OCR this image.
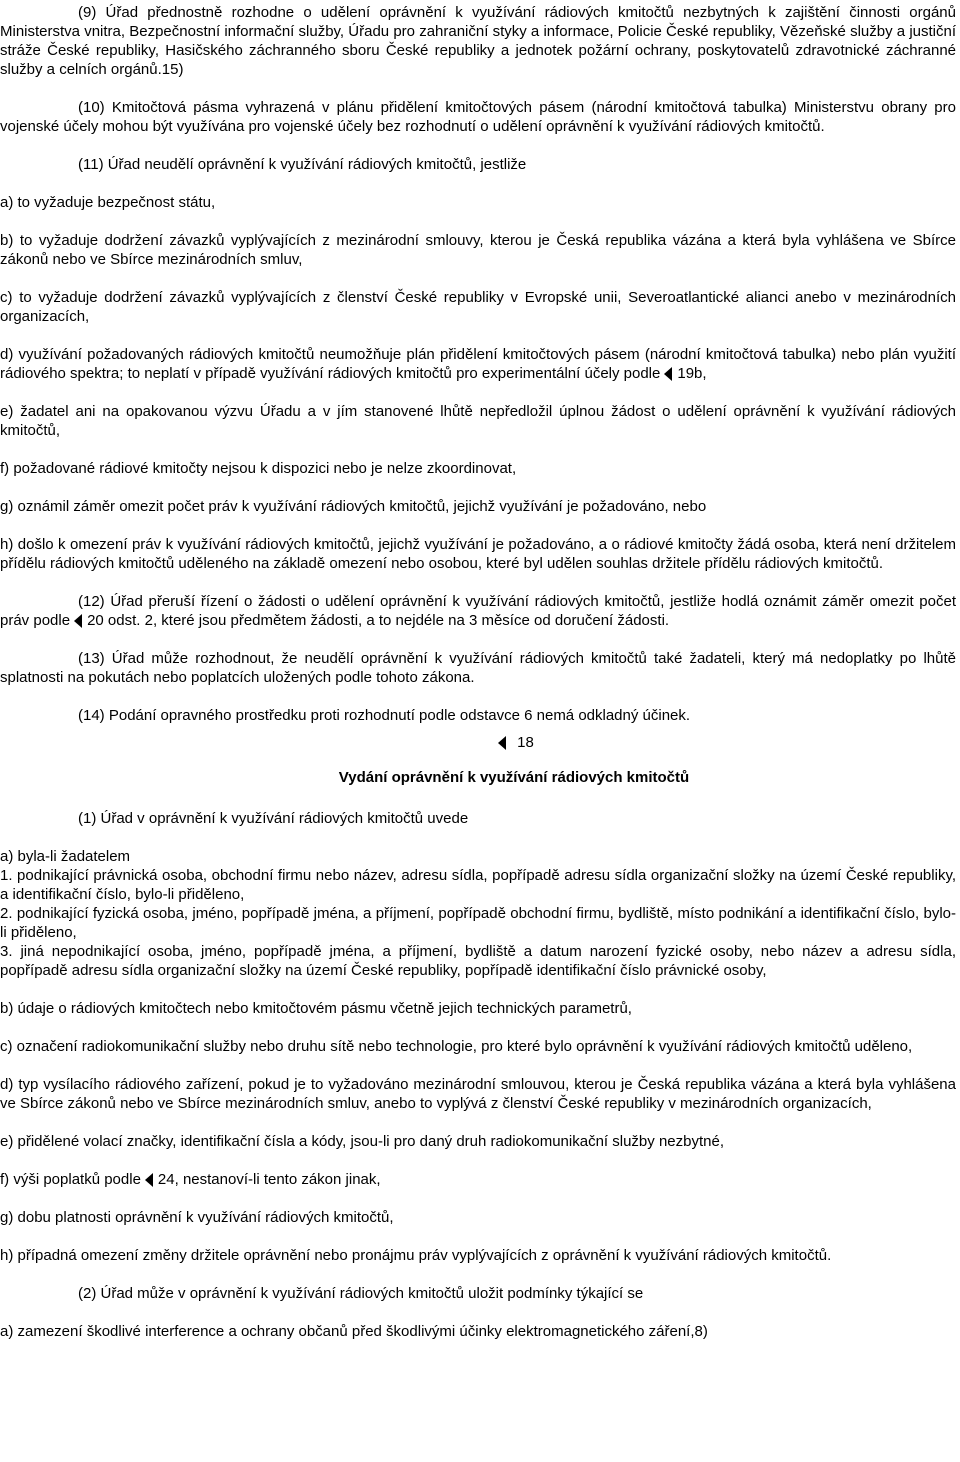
(9) Úřad přednostně rozhodne o udělení oprávnění k využívání rádiových kmitočtů nezbytných k zajištění činnosti orgánů Ministerstva vnitra, Bezpečnostní informační služby, Úřadu pro zahraniční styky a informace, Policie České republiky, Vězeňské služby a justiční stráže České republiky, Hasičského záchranného sboru České republiky a jednotek požární ochrany, poskytovatelů zdravotnické záchranné služby a celních orgánů.15)

(10) Kmitočtová pásma vyhrazená v plánu přidělení kmitočtových pásem (národní kmitočtová tabulka) Ministerstvu obrany pro vojenské účely mohou být využívána pro vojenské účely bez rozhodnutí o udělení oprávnění k využívání rádiových kmitočtů.

(11) Úřad neudělí oprávnění k využívání rádiových kmitočtů, jestliže

a) to vyžaduje bezpečnost státu,

b) to vyžaduje dodržení závazků vyplývajících z mezinárodní smlouvy, kterou je Česká republika vázána a která byla vyhlášena ve Sbírce zákonů nebo ve Sbírce mezinárodních smluv,

c) to vyžaduje dodržení závazků vyplývajících z členství České republiky v Evropské unii, Severoatlantické alianci anebo v mezinárodních organizacích,

d) využívání požadovaných rádiových kmitočtů neumožňuje plán přidělení kmitočtových pásem (národní kmitočtová tabulka) nebo plán využití rádiového spektra; to neplatí v případě využívání rádiových kmitočtů pro experimentální účely podle 19b,

e) žadatel ani na opakovanou výzvu Úřadu a v jím stanovené lhůtě nepředložil úplnou žádost o udělení oprávnění k využívání rádiových kmitočtů,

f) požadované rádiové kmitočty nejsou k dispozici nebo je nelze zkoordinovat,

g) oznámil záměr omezit počet práv k využívání rádiových kmitočtů, jejichž využívání je požadováno, nebo

h) došlo k omezení práv k využívání rádiových kmitočtů, jejichž využívání je požadováno, a o rádiové kmitočty žádá osoba, která není držitelem přídělu rádiových kmitočtů uděleného na základě omezení nebo osobou, které byl udělen souhlas držitele přídělu rádiových kmitočtů.

(12) Úřad přeruší řízení o žádosti o udělení oprávnění k využívání rádiových kmitočtů, jestliže hodlá oznámit záměr omezit počet práv podle 20 odst. 2, které jsou předmětem žádosti, a to nejdéle na 3 měsíce od doručení žádosti.

(13) Úřad může rozhodnout, že neudělí oprávnění k využívání rádiových kmitočtů také žadateli, který má nedoplatky po lhůtě splatnosti na pokutách nebo poplatcích uložených podle tohoto zákona.

(14) Podání opravného prostředku proti rozhodnutí podle odstavce 6 nemá odkladný účinek.

18

Vydání oprávnění k využívání rádiových kmitočtů

(1) Úřad v oprávnění k využívání rádiových kmitočtů uvede

a) byla-li žadatelem

1. podnikající právnická osoba, obchodní firmu nebo název, adresu sídla, popřípadě adresu sídla organizační složky na území České republiky, a identifikační číslo, bylo-li přiděleno,

2. podnikající fyzická osoba, jméno, popřípadě jména, a příjmení, popřípadě obchodní firmu, bydliště, místo podnikání a identifikační číslo, bylo-li přiděleno,

3. jiná nepodnikající osoba, jméno, popřípadě jména, a příjmení, bydliště a datum narození fyzické osoby, nebo název a adresu sídla, popřípadě adresu sídla organizační složky na území České republiky, popřípadě identifikační číslo právnické osoby,

b) údaje o rádiových kmitočtech nebo kmitočtovém pásmu včetně jejich technických parametrů,

c) označení radiokomunikační služby nebo druhu sítě nebo technologie, pro které bylo oprávnění k využívání rádiových kmitočtů uděleno,

d) typ vysílacího rádiového zařízení, pokud je to vyžadováno mezinárodní smlouvou, kterou je Česká republika vázána a která byla vyhlášena ve Sbírce zákonů nebo ve Sbírce mezinárodních smluv, anebo to vyplývá z členství České republiky v mezinárodních organizacích,

e) přidělené volací značky, identifikační čísla a kódy, jsou-li pro daný druh radiokomunikační služby nezbytné,

f) výši poplatků podle 24, nestanoví-li tento zákon jinak,

g) dobu platnosti oprávnění k využívání rádiových kmitočtů,

h) případná omezení změny držitele oprávnění nebo pronájmu práv vyplývajících z oprávnění k využívání rádiových kmitočtů.

(2) Úřad může v oprávnění k využívání rádiových kmitočtů uložit podmínky týkající se

a) zamezení škodlivé interference a ochrany občanů před škodlivými účinky elektromagnetického záření,8)
